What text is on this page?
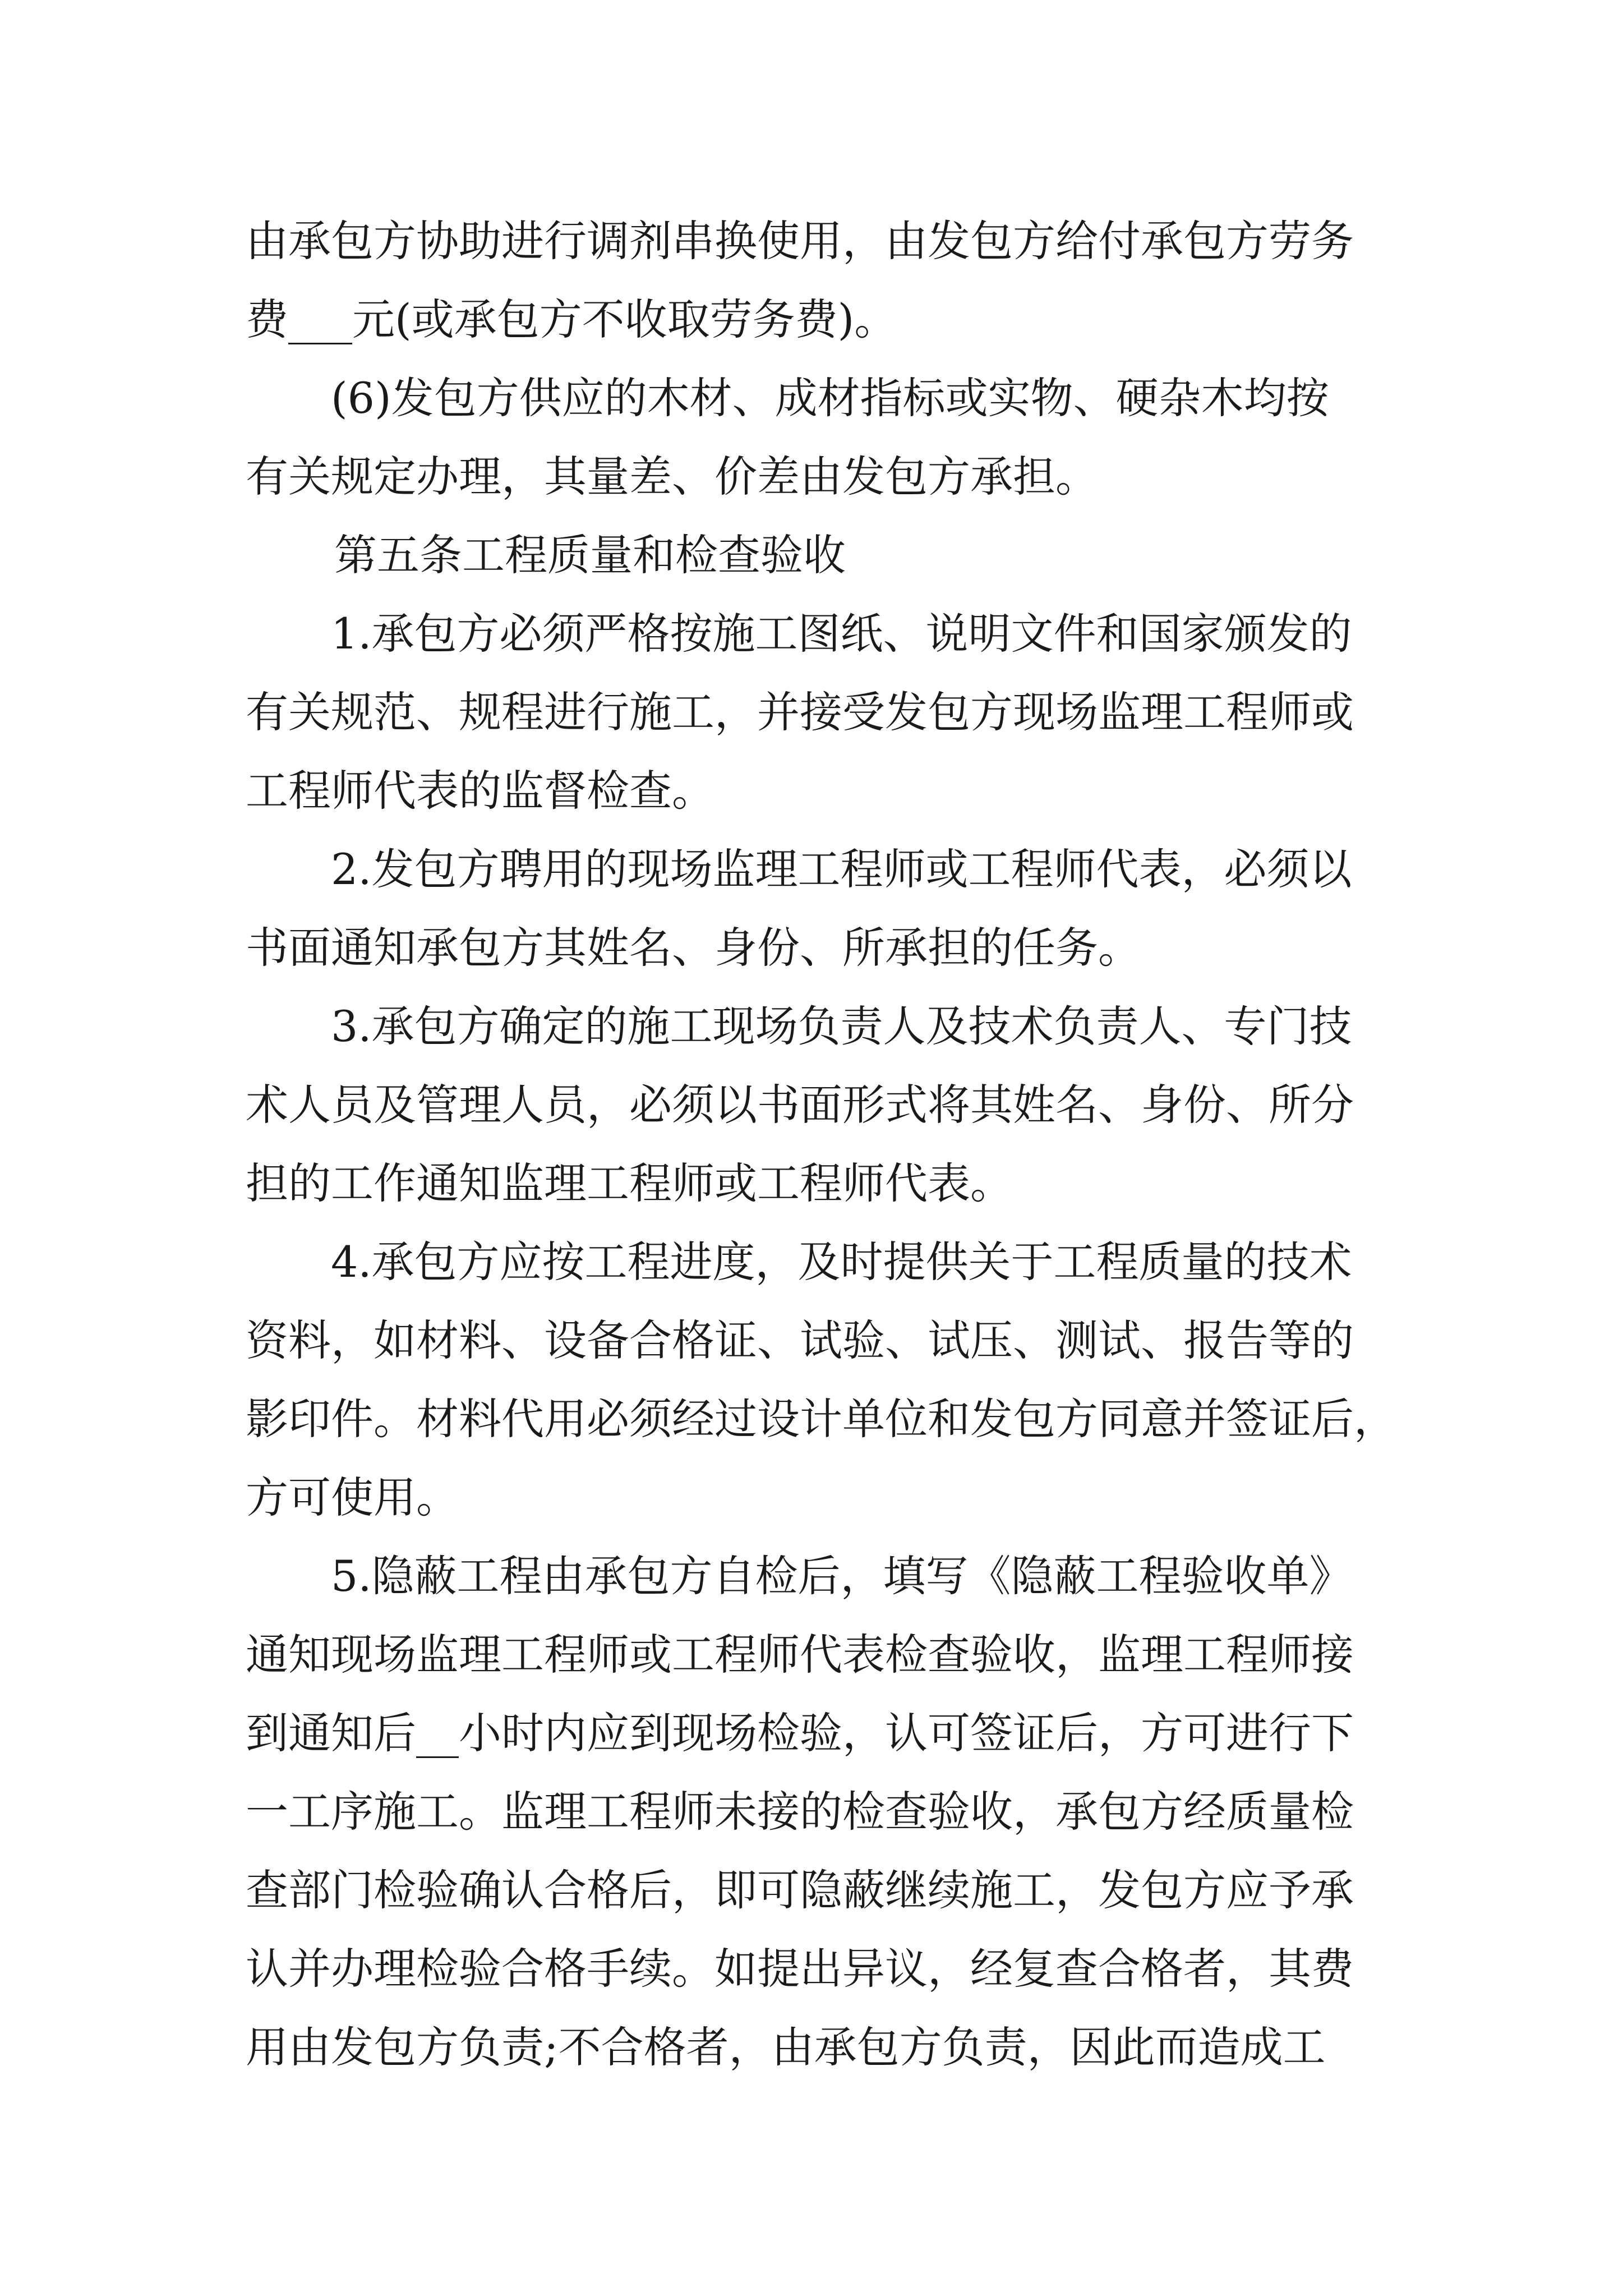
由承包方协助进行调剂串换使用，由发包方给付承包方劳务
费___元(或承包方不收取劳务费)。
(6)发包方供应的木材、成材指标或实物、硬杂木均按
有关规定办理，其量差、价差由发包方承担。
第五条工程质量和检查验收
1.承包方必须严格按施工图纸、说明文件和国家颁发的
有关规范、规程进行施工，并接受发包方现场监理工程师或
工程师代表的监督检查。
2.发包方聘用的现场监理工程师或工程师代表，必须以
书面通知承包方其姓名、身份、所承担的任务。
3.承包方确定的施工现场负责人及技术负责人、专门技
术人员及管理人员，必须以书面形式将其姓名、身份、所分
担的工作通知监理工程师或工程师代表。
4.承包方应按工程进度，及时提供关于工程质量的技术
资料，如材料、设备合格证、试验、试压、测试、报告等的
影印件。材料代用必须经过设计单位和发包方同意并签证后，
方可使用。
5.隐蔽工程由承包方自检后，填写《隐蔽工程验收单》
通知现场监理工程师或工程师代表检查验收，监理工程师接
到通知后__小时内应到现场检验，认可签证后，方可进行下
一工序施工。监理工程师未接的检查验收，承包方经质量检
查部门检验确认合格后，即可隐蔽继续施工，发包方应予承
认并办理检验合格手续。如提出异议，经复查合格者，其费
用由发包方负责;不合格者，由承包方负责，因此而造成工
